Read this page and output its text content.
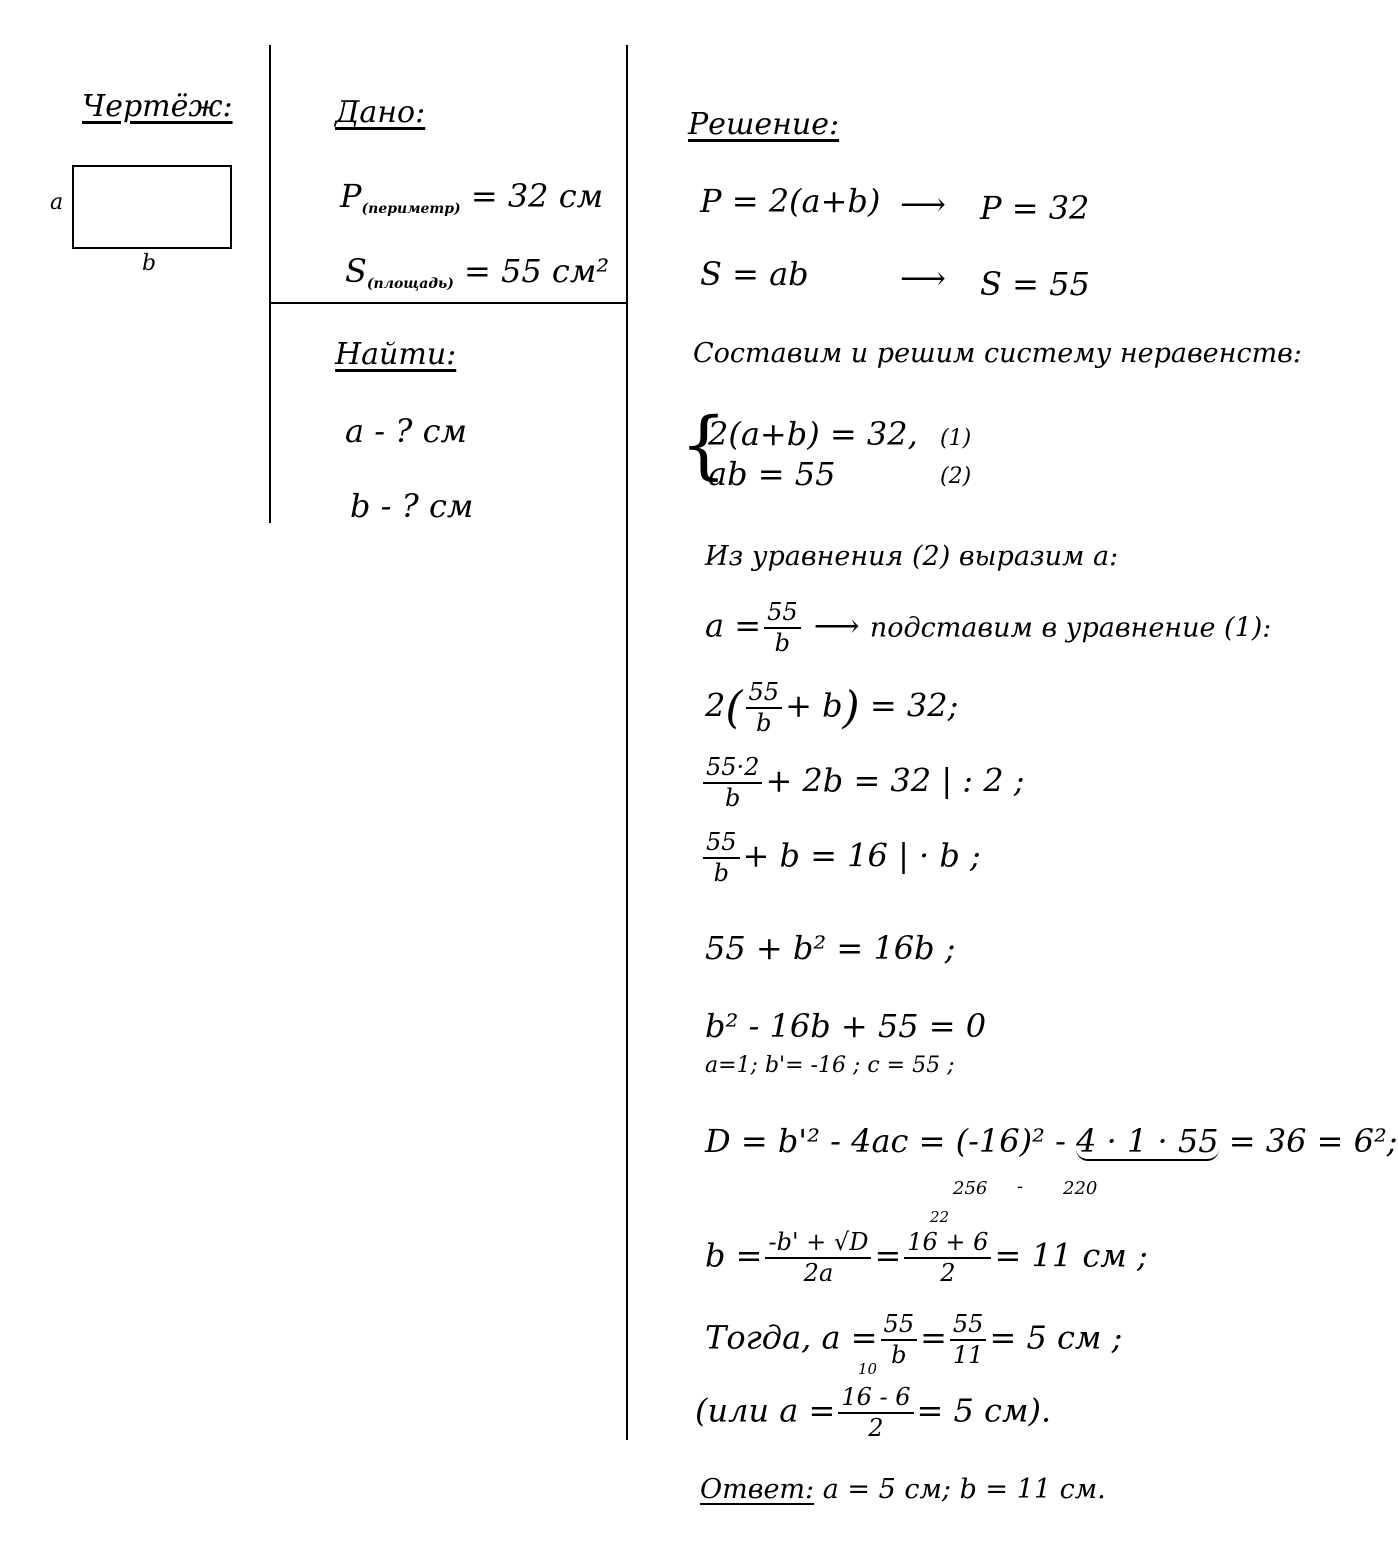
Чертёж:
a
b
Дано:
$P_{(периметр)} = 32$ см
$S_{(площадь)} = 55$ см²
Найти:
a - ? см
b - ? см
Решение:
P = 2(a+b) ⟶ P = 32
S = ab	⟶ S = 55
Составим и решим систему неравенств:
{
2(a+b) = 32, (1)
ab = 55	(2)
Из уравнения (2) выразим a:
$a = \frac{55}{b}$ ⟶ подставим в уравнение (1):
$2( \frac{55}{b} + b) = 32$;
$\frac{55\cdot 2}{b} + 2b = 32$ | : 2 ;
$\frac{55}{b} + b = 16$ | · b ;
55 + b² = 16b ;
b² - 16b + 55 = 0
a=1; b'= -16 ; c = 55 ;
D = b'² - 4ac = (-16)² - 4 · 1 · 55 = 36 = 6²;
256 - 220
22
$b = \frac{-b' + √D}{2a} = \frac{16 + 6}{2} = 11$ см ;
Тогда, $a = \frac{55}{b} = \frac{55}{11} = 5$ см ;
10
(или $a = \frac{16 - 6}{2} = 5$ см).
Ответ: a = 5 см; b = 11 см.
